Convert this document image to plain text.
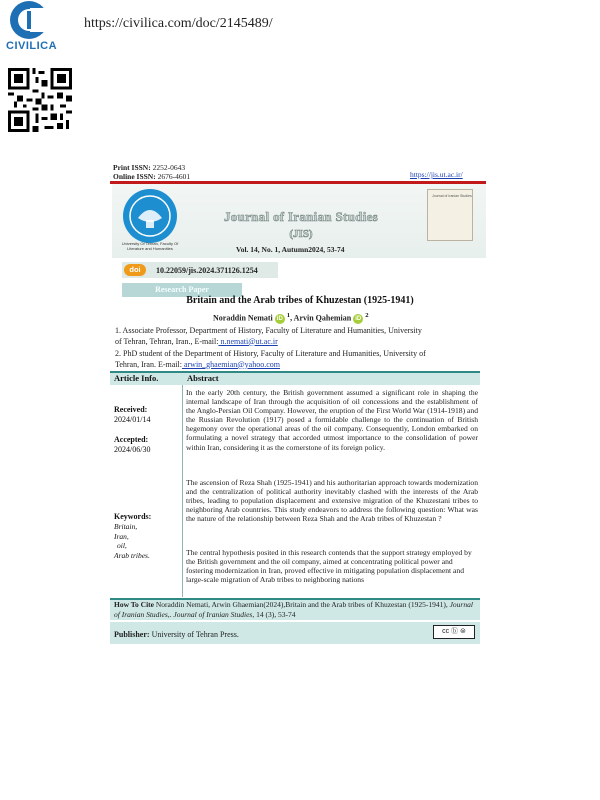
CIVILICA
https://civilica.com/doc/2145489/
Print ISSN: 2252-0643
Online ISSN: 2676-4601	https://jis.ut.ac.ir/
University Of Tehran, Faculty Of Literature and Humanities
Journal of Iranian Studies
(JIS)
Vol. 14, No. 1, Autumn2024, 53-74
Journal of Iranian Studies
doi	10.22059/jis.2024.371126.1254
Research Paper
Britain and the Arab tribes of Khuzestan (1925-1941)
Noraddin Nemati iD $^1$, Arvin Qahemian iD $^2$
1. Associate Professor, Department of History, Faculty of Literature and Humanities, University
of Tehran, Tehran, Iran., E-mail: n.nemati@ut.ac.ir
2. PhD student of the Department of History, Faculty of Literature and Humanities, University of
Tehran, Iran. E-mail: arwin_ghaemian@yahoo.com
Article Info.	Abstract
Received:
2024/01/14
Accepted:
2024/06/30
Keywords:
Britain,
Iran,
oil,
Arab tribes.
In the early 20th century, the British government assumed a significant role in shaping the internal landscape of Iran through the acquisition of oil concessions and the establishment of the Anglo-Persian Oil Company. However, the eruption of the First World War (1914-1918) and the Russian Revolution (1917) posed a formidable challenge to the continuation of British hegemony over the operational areas of the oil company. Consequently, London embarked on formulating a novel strategy that accorded utmost importance to the consolidation of power within Iran, considering it as the cornerstone of its foreign policy.
The ascension of Reza Shah (1925-1941) and his authoritarian approach towards modernization and the centralization of political authority inevitably clashed with the interests of the Arab tribes, leading to population displacement and extensive migration of the Khuzestani tribes to neighboring Arab countries. This study endeavors to address the following question: What was the nature of the relationship between Reza Shah and the Arab tribes of Khuzestan ?
The central hypothesis posited in this research contends that the support strategy employed by the British government and the oil company, aimed at concentrating political power and fostering modernization in Iran, proved effective in mitigating population displacement and large-scale migration of Arab tribes to neighboring nations
How To Cite Noraddin Nemati, Arwin Ghaemian(2024),Britain and the Arab tribes of Khuzestan (1925-1941), Journal of Iranian Studies,. Journal of Iranian Studies, 14 (3), 53-74
Publisher: University of Tehran Press.	cc ⓑ ⊜
